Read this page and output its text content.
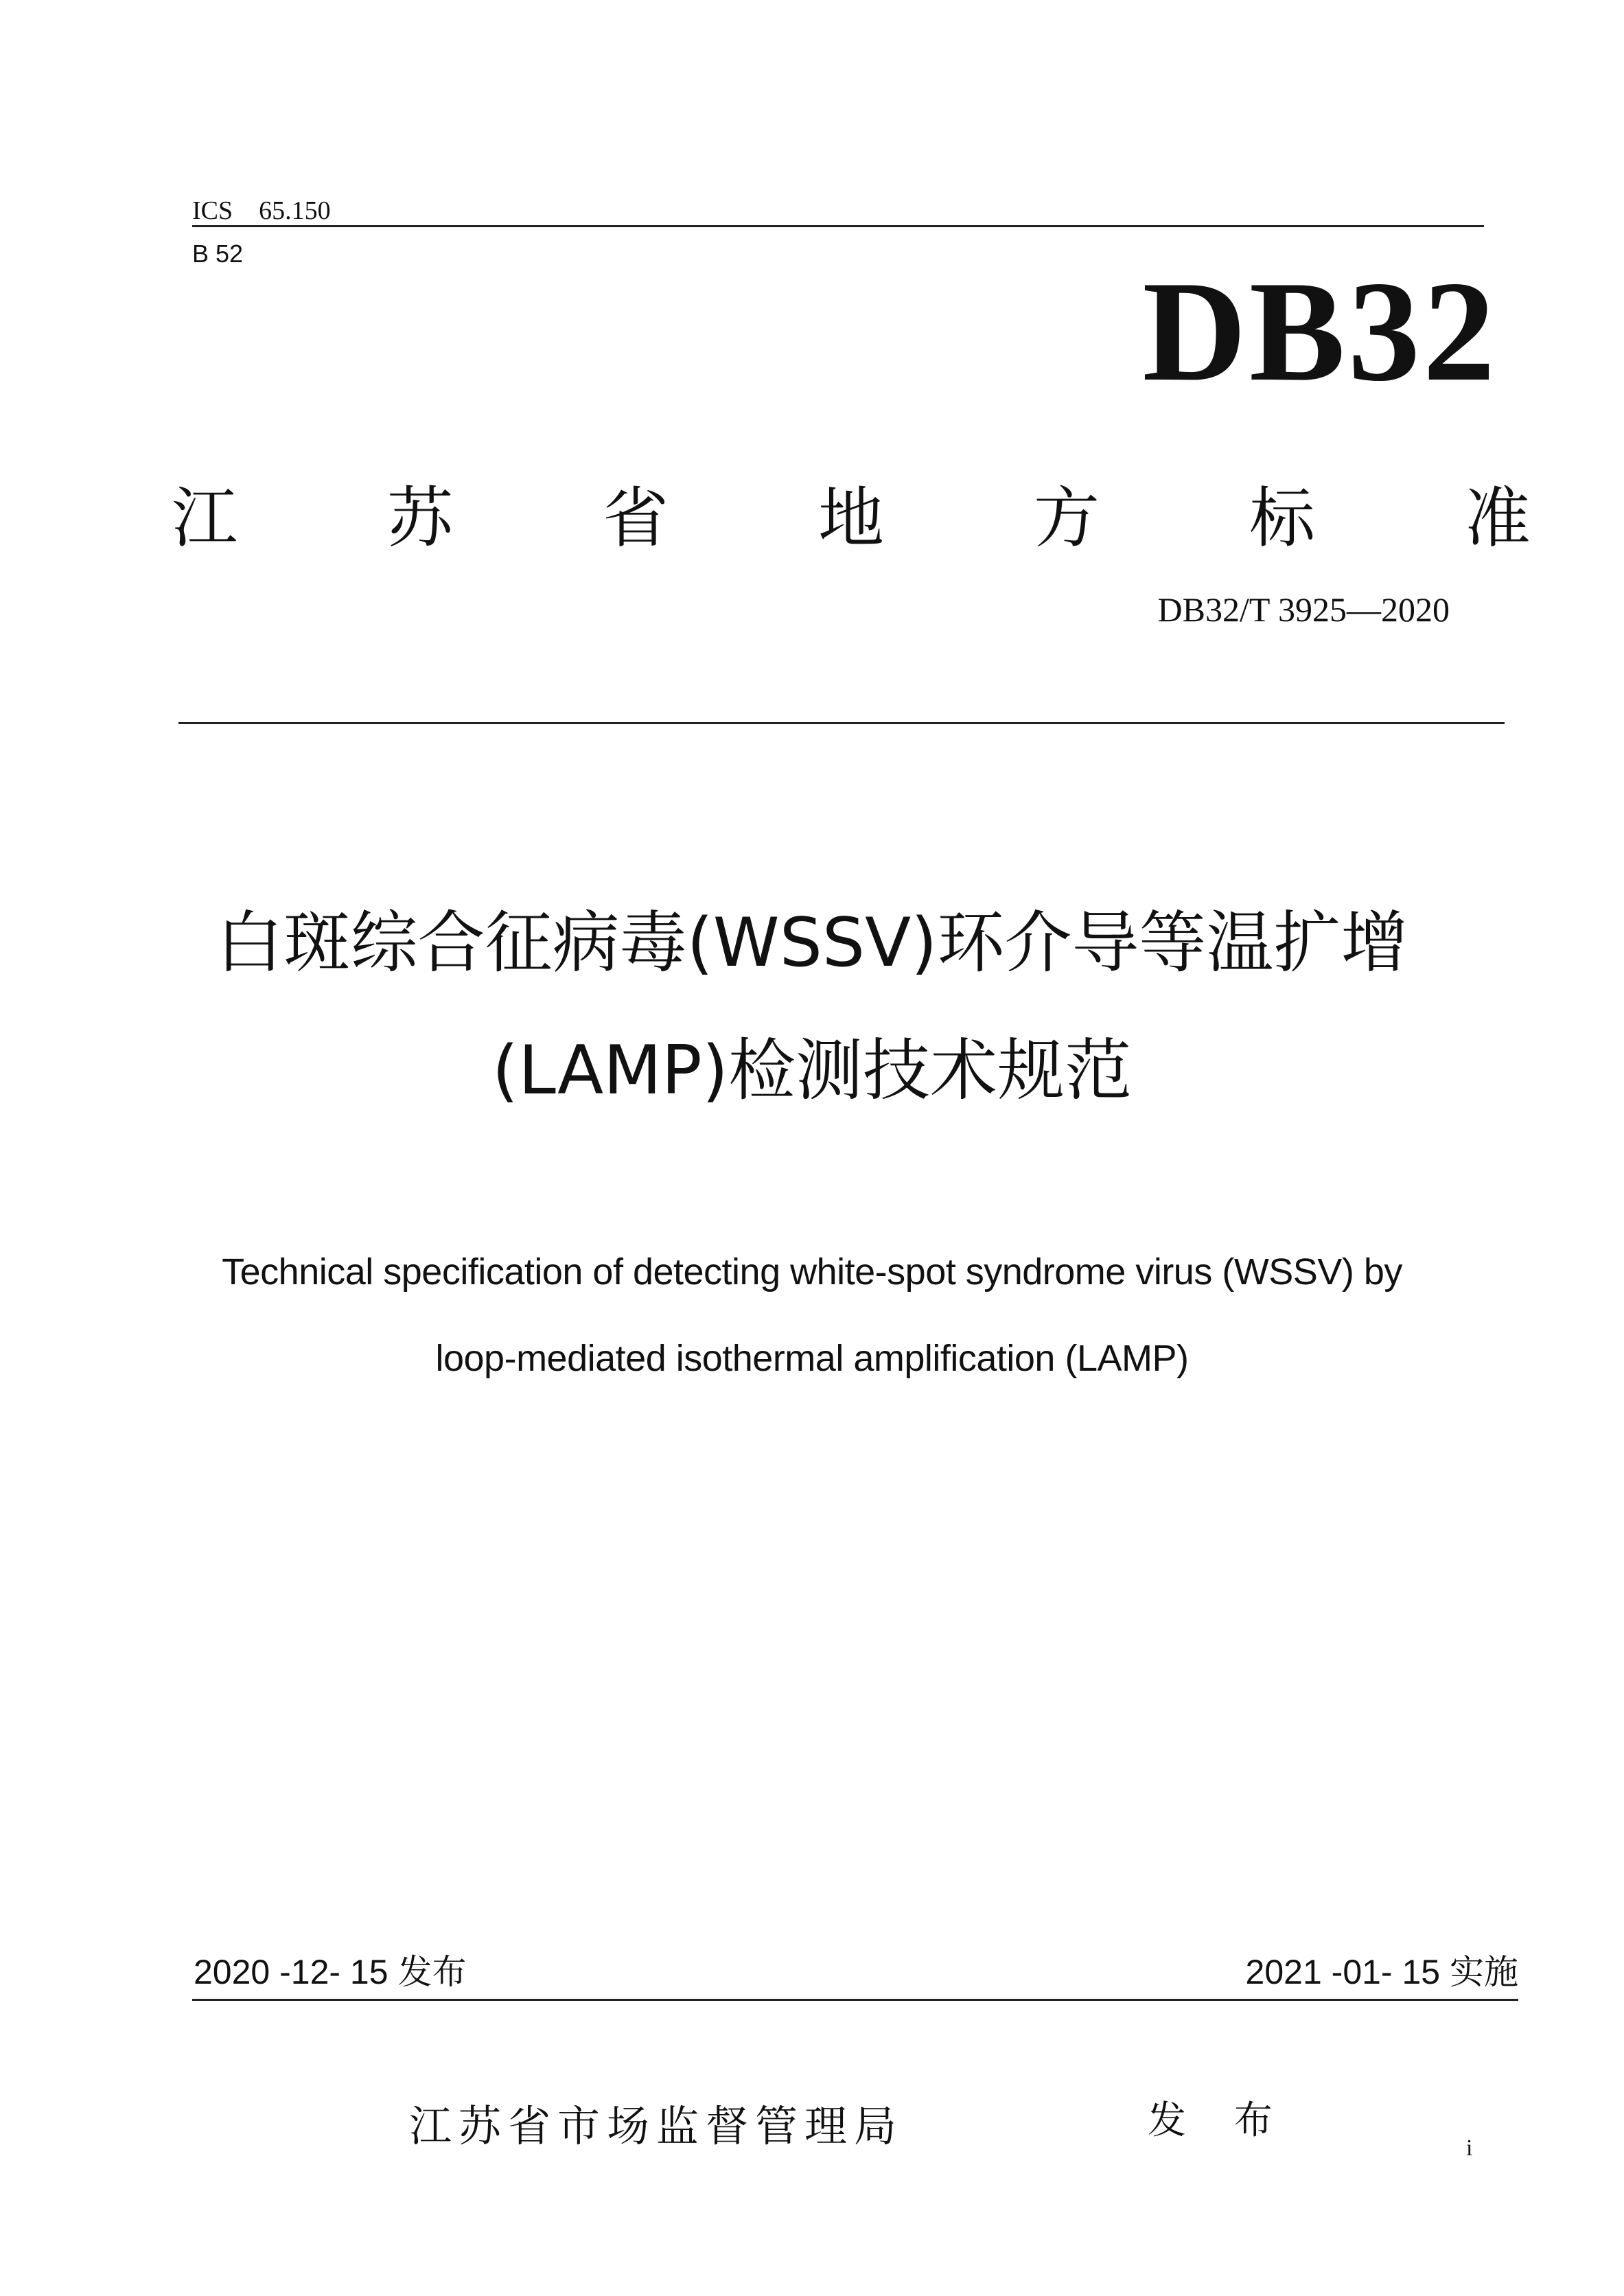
ICS 65.150
B 52	DB32
江 苏 省 地 方 标 准
DB32/T 3925—2020
白斑综合征病毒(WSSV)环介导等温扩增
(LAMP)检测技术规范
Technical specification of detecting white-spot syndrome virus (WSSV) by
loop-mediated isothermal amplification (LAMP)
2020 -12- 15 发布	2021 -01- 15 实施
江苏省市场监督管理局	发 布
i
